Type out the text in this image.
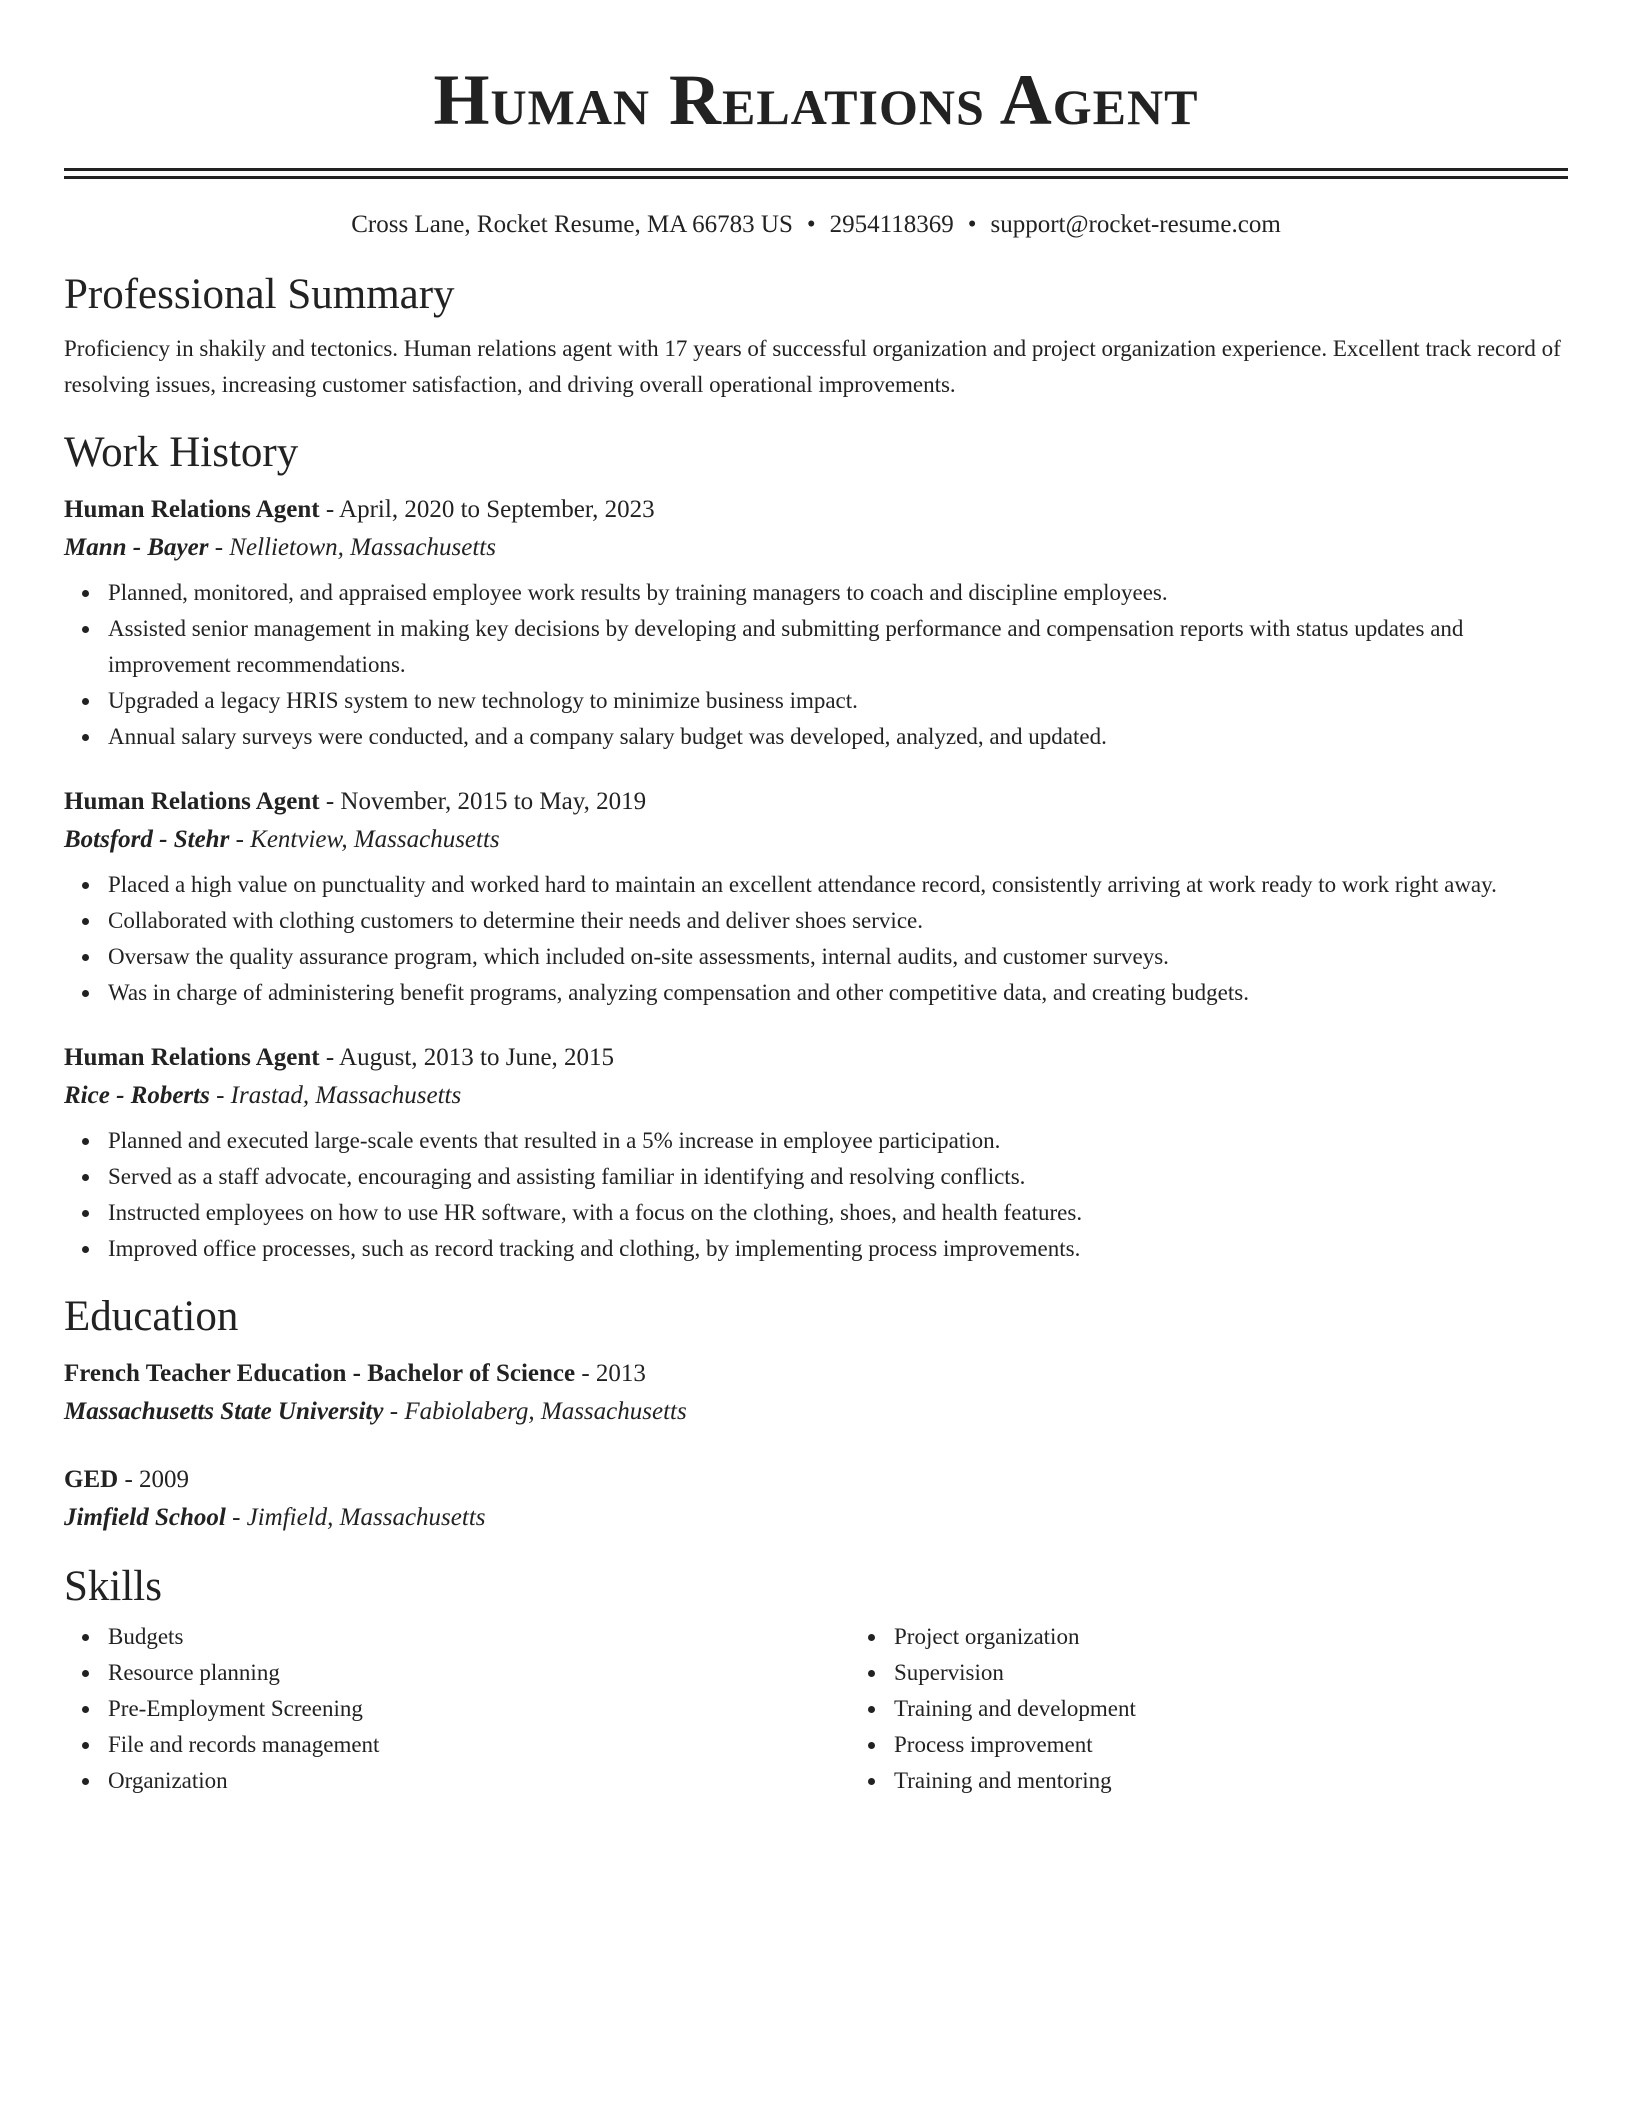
Human Relations Agent
Cross Lane, Rocket Resume, MA 66783 US • 2954118369 • support@rocket-resume.com
Professional Summary

Proficiency in shakily and tectonics. Human relations agent with 17 years of successful organization and project organization experience. Excellent track record of resolving issues, increasing customer satisfaction, and driving overall operational improvements.

Work History

Human Relations Agent - April, 2020 to September, 2023

Mann - Bayer - Nellietown, Massachusetts

Planned, monitored, and appraised employee work results by training managers to coach and discipline employees.
Assisted senior management in making key decisions by developing and submitting performance and compensation reports with status updates and improvement recommendations.
Upgraded a legacy HRIS system to new technology to minimize business impact.
Annual salary surveys were conducted, and a company salary budget was developed, analyzed, and updated.

Human Relations Agent - November, 2015 to May, 2019

Botsford - Stehr - Kentview, Massachusetts

Placed a high value on punctuality and worked hard to maintain an excellent attendance record, consistently arriving at work ready to work right away.
Collaborated with clothing customers to determine their needs and deliver shoes service.
Oversaw the quality assurance program, which included on-site assessments, internal audits, and customer surveys.
Was in charge of administering benefit programs, analyzing compensation and other competitive data, and creating budgets.

Human Relations Agent - August, 2013 to June, 2015

Rice - Roberts - Irastad, Massachusetts

Planned and executed large-scale events that resulted in a 5% increase in employee participation.
Served as a staff advocate, encouraging and assisting familiar in identifying and resolving conflicts.
Instructed employees on how to use HR software, with a focus on the clothing, shoes, and health features.
Improved office processes, such as record tracking and clothing, by implementing process improvements.
Education

French Teacher Education - Bachelor of Science - 2013

Massachusetts State University - Fabiolaberg, Massachusetts

GED - 2009

Jimfield School - Jimfield, Massachusetts

Skills
Budgets
Resource planning
Pre-Employment Screening
File and records management
Organization
Project organization
Supervision
Training and development
Process improvement
Training and mentoring
